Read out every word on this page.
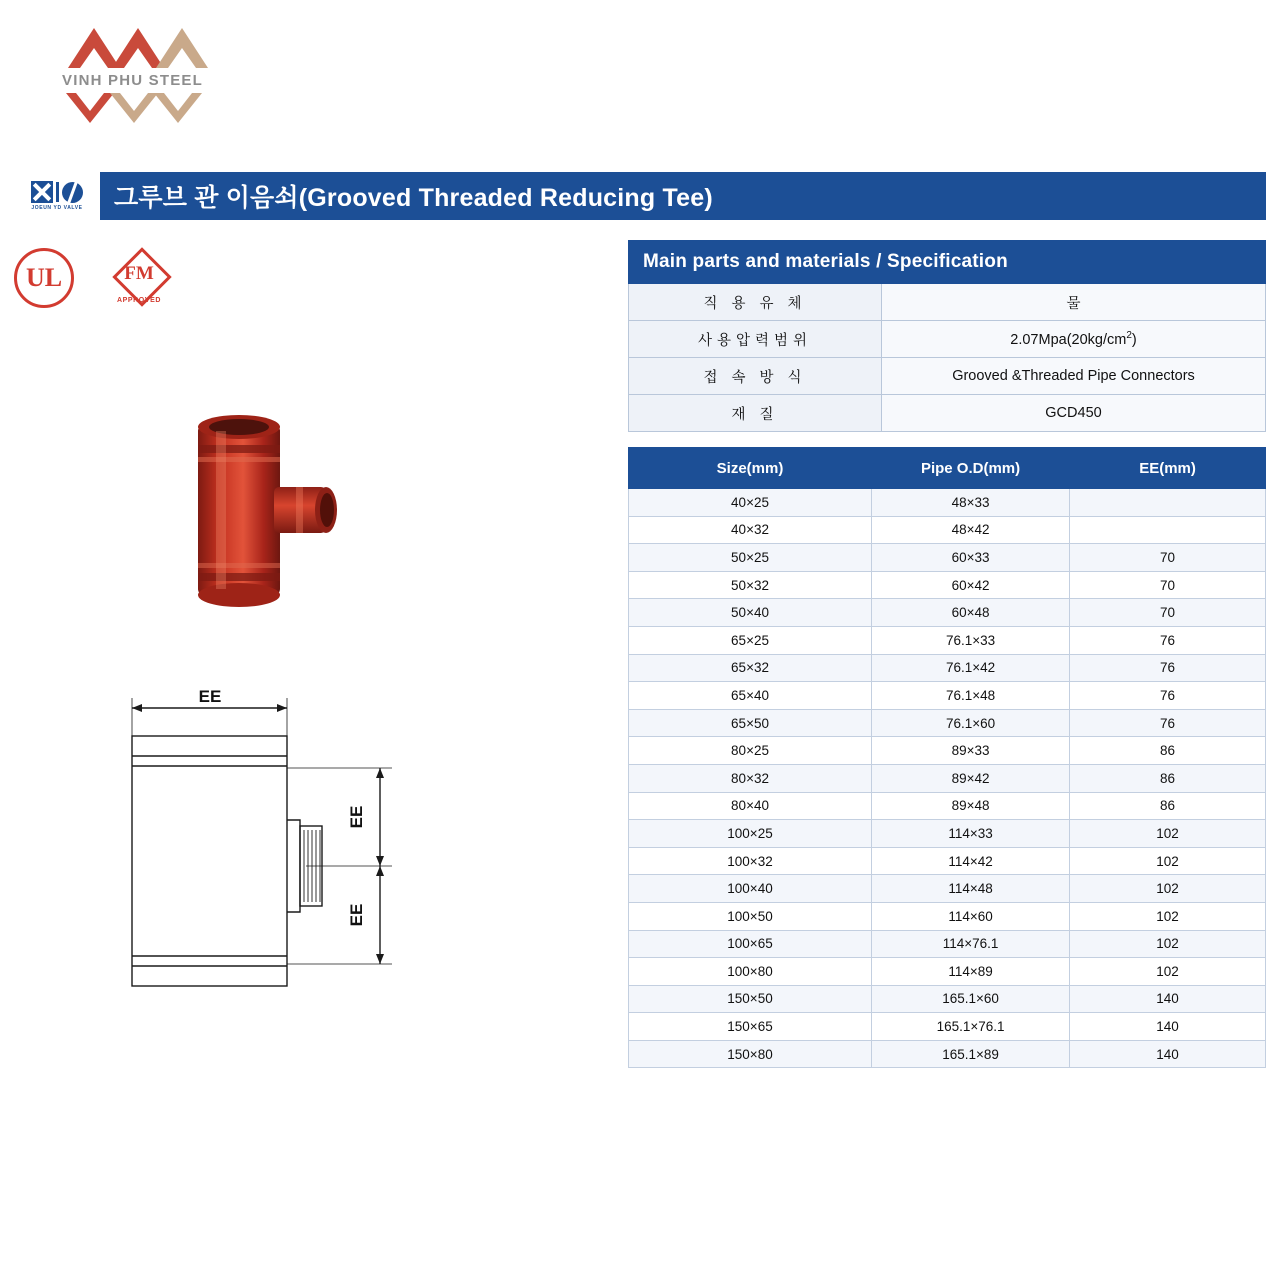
VINH PHU STEEL
JOEUN YD VALVE 그루브 관 이음쇠(Grooved Threaded Reducing Tee)
UL	FM
APPROVED
EE
EE
EE
Main parts and materials / Specification	
직 용 유 체	물
사용압력범위	$2.07Mpa(20kg/cm^2)$
접 속 방 식	Grooved &Threaded Pipe Connectors
재 질	GCD450
Size(mm)	Pipe O.D(mm)	EE(mm)
40×25	48×33	
40×32	48×42	
50×25	60×33	70
50×32	60×42	70
50×40	60×48	70
65×25	76.1×33	76
65×32	76.1×42	76
65×40	76.1×48	76
65×50	76.1×60	76
80×25	89×33	86
80×32	89×42	86
80×40	89×48	86
100×25	114×33	102
100×32	114×42	102
100×40	114×48	102
100×50	114×60	102
100×65	114×76.1	102
100×80	114×89	102
150×50	165.1×60	140
150×65	165.1×76.1	140
150×80	165.1×89	140
